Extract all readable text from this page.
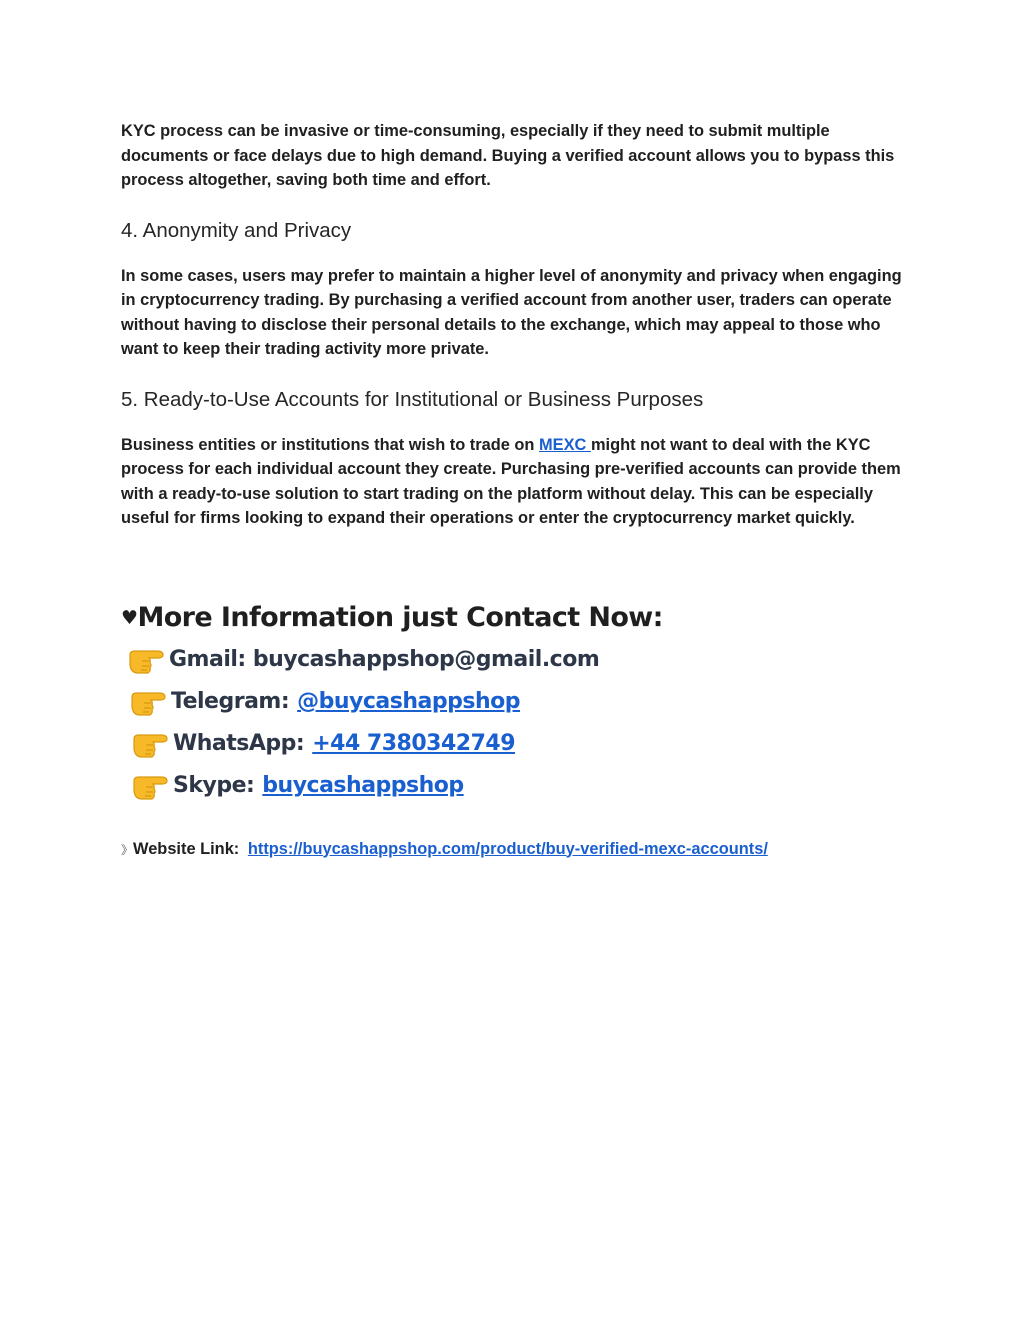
KYC process can be invasive or time-consuming, especially if they need to submit multiple documents or face delays due to high demand. Buying a verified account allows you to bypass this process altogether, saving both time and effort.

4. Anonymity and Privacy

In some cases, users may prefer to maintain a higher level of anonymity and privacy when engaging in cryptocurrency trading. By purchasing a verified account from another user, traders can operate without having to disclose their personal details to the exchange, which may appeal to those who want to keep their trading activity more private.

5. Ready-to-Use Accounts for Institutional or Business Purposes

Business entities or institutions that wish to trade on MEXC might not want to deal with the KYC process for each individual account they create. Purchasing pre-verified accounts can provide them with a ready-to-use solution to start trading on the platform without delay. This can be especially useful for firms looking to expand their operations or enter the cryptocurrency market quickly.

♥More Information just Contact Now:
Gmail: buycashappshop@gmail.com
Telegram: @buycashappshop
WhatsApp: +44 7380342749
Skype: buycashappshop
》Website Link: https://buycashappshop.com/product/buy-verified-mexc-accounts/
